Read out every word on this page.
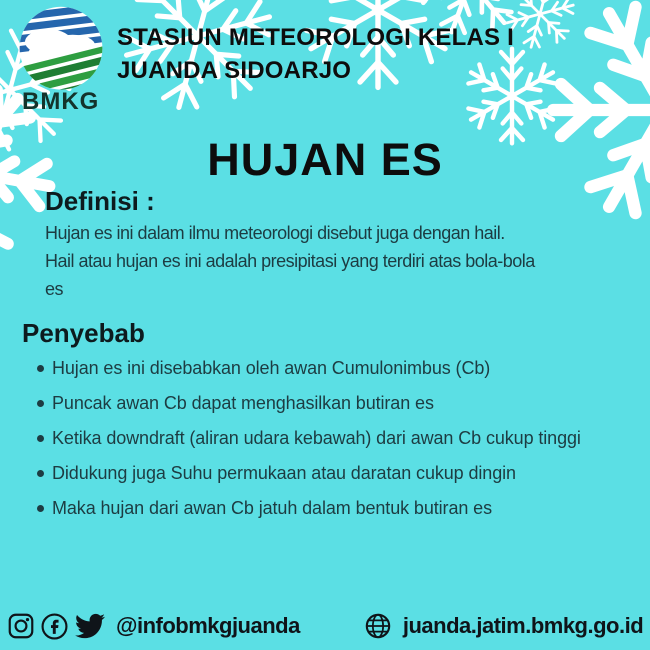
BMKG
STASIUN METEOROLOGI KELAS I
JUANDA SIDOARJO
HUJAN ES
Definisi :
Hujan es ini dalam ilmu meteorologi disebut juga dengan hail.
Hail atau hujan es ini adalah presipitasi yang terdiri atas bola-bola
es
Penyebab
Hujan es ini disebabkan oleh awan Cumulonimbus (Cb)
Puncak awan Cb dapat menghasilkan butiran es
Ketika downdraft (aliran udara kebawah) dari awan Cb cukup tinggi
Didukung juga Suhu permukaan atau daratan cukup dingin
Maka hujan dari awan Cb jatuh dalam bentuk butiran es
@infobmkgjuanda	juanda.jatim.bmkg.go.id
